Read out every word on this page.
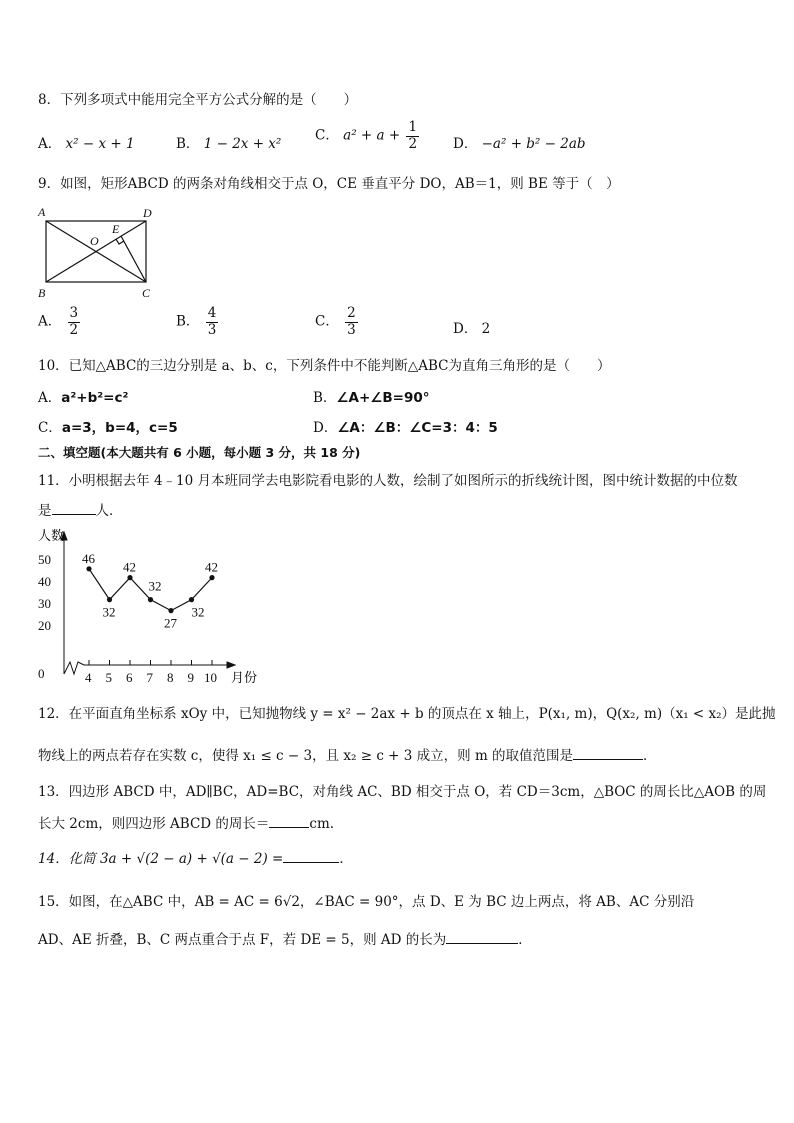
8．下列多项式中能用完全平方公式分解的是（　　）
A． x² − x + 1	B． 1 − 2x + x²
C． $a^2 + a + \frac{1}{2}$	D． −a² + b² − 2ab
9．如图，矩形ABCD 的两条对角线相交于点 O，CE 垂直平分 DO，AB＝1，则 BE 等于（　）
A	D
B	C
E
O
A． $\frac{3}{2}$	B． $\frac{4}{3}$	C． $\frac{2}{3}$	D． 2
10．已知△ABC的三边分别是 a、b、c，下列条件中不能判断△ABC为直角三角形的是（　　）
A．a²+b²=c²	B．∠A+∠B=90°
C．a=3，b=4，c=5	D．∠A：∠B：∠C=3：4：5
二、填空题(本大题共有 6 小题，每小题 3 分，共 18 分)
11．小明根据去年 4﹣10 月本班同学去电影院看电影的人数，绘制了如图所示的折线统计图，图中统计数据的中位数
是	人．
人数
月份
0
20
30
40
50
4 5 6 7 8 9 10
46
32
42
32
27
32
42
12．在平面直角坐标系 xOy 中，已知抛物线 y = x² − 2ax + b 的顶点在 x 轴上，P(x₁, m)，Q(x₂, m)（x₁ < x₂）是此抛
物线上的两点若存在实数 c，使得 x₁ ≤ c − 3，且 x₂ ≥ c + 3 成立，则 m 的取值范围是	．
13．四边形 ABCD 中，AD∥BC，AD=BC，对角线 AC、BD 相交于点 O，若 CD＝3cm，△BOC 的周长比△AOB 的周
长大 2cm，则四边形 ABCD 的周长＝	cm.
14．化简 3a + √(2 − a) + √(a − 2) =	．
15．如图，在△ABC 中，AB = AC = 6√2，∠BAC = 90°，点 D、E 为 BC 边上两点，将 AB、AC 分别沿
AD、AE 折叠，B、C 两点重合于点 F，若 DE = 5，则 AD 的长为	．
